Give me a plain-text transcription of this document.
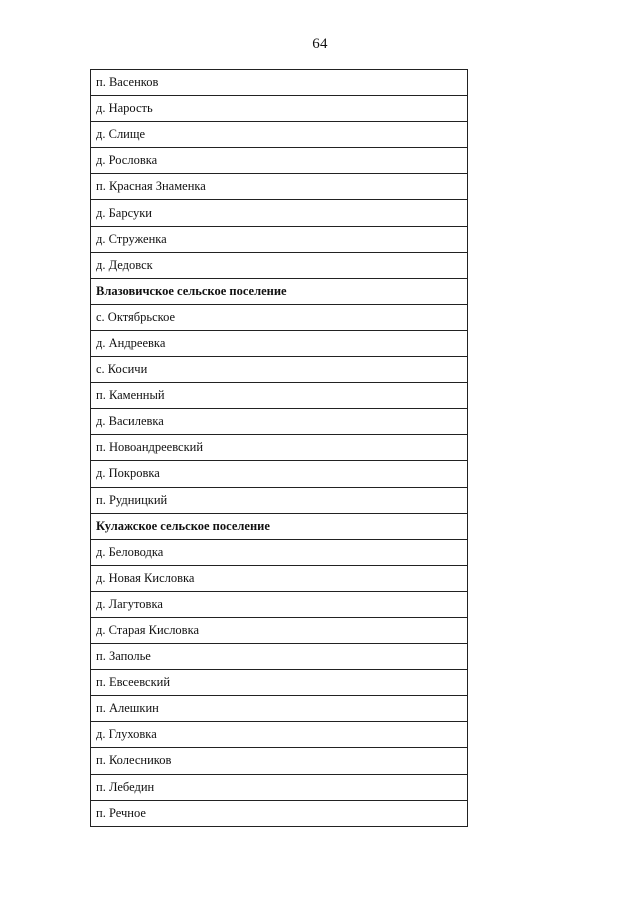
64
п. Васенков
д. Нарость
д. Слище
д. Рословка
п. Красная Знаменка
д. Барсуки
д. Струженка
д. Дедовск
Влазовичское сельское поселение
с. Октябрьское
д. Андреевка
с. Косичи
п. Каменный
д. Василевка
п. Новоандреевский
д. Покровка
п. Рудницкий
Кулажское сельское поселение
д. Беловодка
д. Новая Кисловка
д. Лагутовка
д. Старая Кисловка
п. Заполье
п. Евсеевский
п. Алешкин
д. Глуховка
п. Колесников
п. Лебедин
п. Речное
